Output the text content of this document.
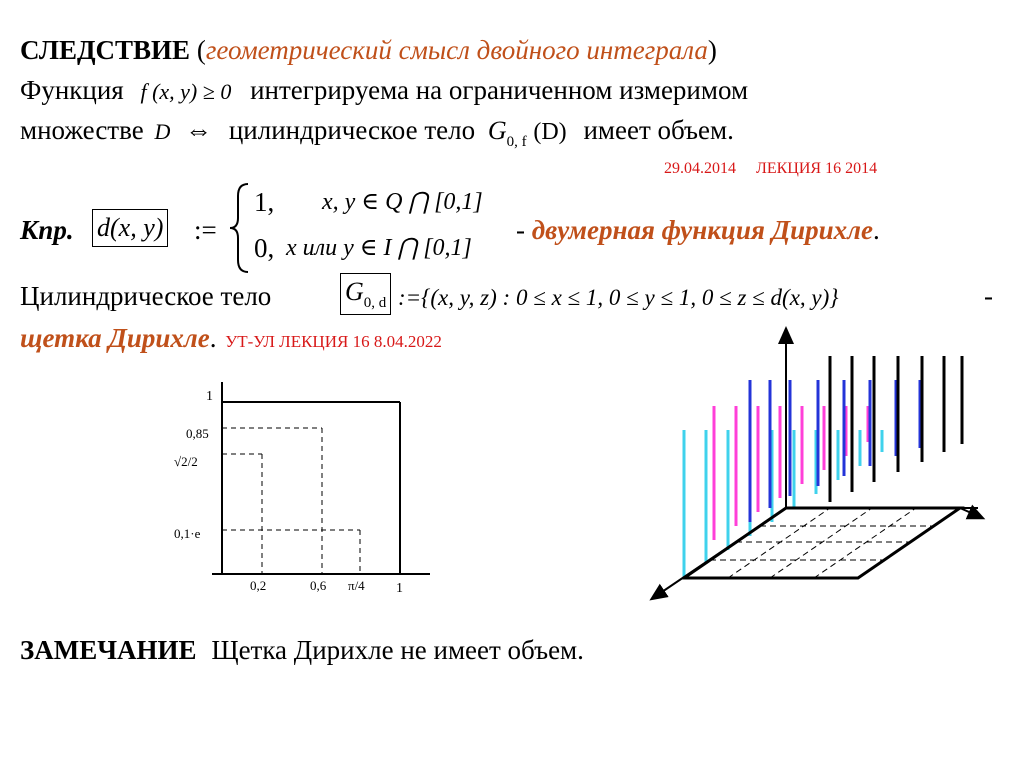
СЛЕДСТВИЕ (геометрический смысл двойного интеграла)
Функция f (x, y) ≥ 0 интегрируема на ограниченном измеримом
множестве D ⇔ цилиндрическое тело $G_{0, f}$ (D) имеет объем.
29.04.2014     ЛЕКЦИЯ 16 2014
Кпр. d(x, y) :=
1, x, y ∈ Q ⋂ [0,1]
0, x или y ∈ I ⋂ [0,1]
- двумерная функция Дирихле.
Цилиндрическое тело	$G_{0, d}$ :={(x, y, z) : 0 ≤ x ≤ 1, 0 ≤ y ≤ 1, 0 ≤ z ≤ d(x, y)}	-
щетка Дирихле. УТ-УЛ ЛЕКЦИЯ 16 8.04.2022
1
0,85
√2/2
0,1·e
0,2	0,6 π/4 1
ЗАМЕЧАНИЕ Щетка Дирихле не имеет объем.
